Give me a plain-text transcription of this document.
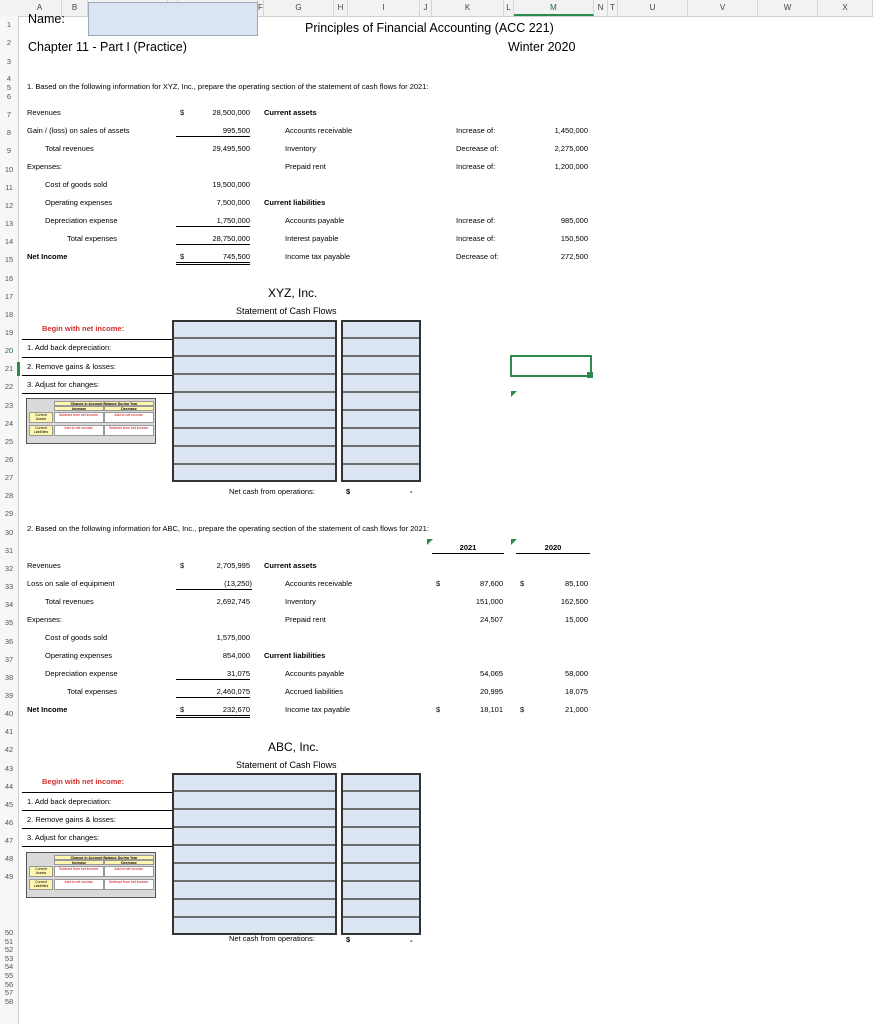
A	B	F	G	H	I	J	K	L	M	N T	U	V	W	X
1
2
3
4
5
6
7
8
9
10
11
12
13
14
15
16
17
18
19
20
21
22
23
24
25
26
27
28
29
30
31
32
33
34
35
36
37
38
39
40
41
42
43
44
45
46
47
48
49
50
51
52
53
54
55
56
57
58
Name:
Chapter 11 - Part I (Practice)
Principles of Financial Accounting (ACC 221)
Winter 2020
1. Based on the following information for XYZ, Inc., prepare the operating section of the statement of cash flows for 2021:
Revenues	$	28,500,000
Gain / (loss) on sales of assets	995,500
Total revenues	29,495,500
Expenses:
Cost of goods sold	19,500,000
Operating expenses	7,500,000
Depreciation expense	1,750,000
Total expenses	28,750,000
Net Income	$	745,500
Current assets
Accounts receivable	Increase of:	1,450,000
Inventory	Decrease of:	2,275,000
Prepaid rent	Increase of:	1,200,000
Current liabilities
Accounts payable	Increase of:	985,000
Interest payable	Increase of:	150,500
Income tax payable	Decrease of:	272,500
XYZ, Inc.
Statement of Cash Flows
Begin with net income:
1. Add back depreciation:
2. Remove gains & losses:
3. Adjust for changes:
Change in Account Balance During Year
Increase	Decrease
Current Assets
Subtract from net income.	Add to net income.
Current Liabilities
Add to net income.	Subtract from net income.
Net cash from operations:	$	-
2. Based on the following information for ABC, Inc., prepare the operating section of the statement of cash flows for 2021:
2021	2020
Revenues	$	2,705,995
Loss on sale of equipment	(13,250)
Total revenues	2,692,745
Expenses:
Cost of goods sold	1,575,000
Operating expenses	854,000
Depreciation expense	31,075
Total expenses	2,460,075
Net Income	$	232,670
Current assets
Accounts receivable	$	87,600 $	85,100
Inventory	151,000	162,500
Prepaid rent	24,507	15,000
Current liabilities
Accounts payable	54,065	58,000
Accrued liabilities	20,995	18,075
Income tax payable	$	18,101 $	21,000
ABC, Inc.
Statement of Cash Flows
Begin with net income:
1. Add back depreciation:
2. Remove gains & losses:
3. Adjust for changes:
Change in Account Balance During Year
Increase	Decrease
Current Assets
Subtract from net income.	Add to net income.
Current Liabilities
Add to net income.	Subtract from net income.
Net cash from operations:	$	-
